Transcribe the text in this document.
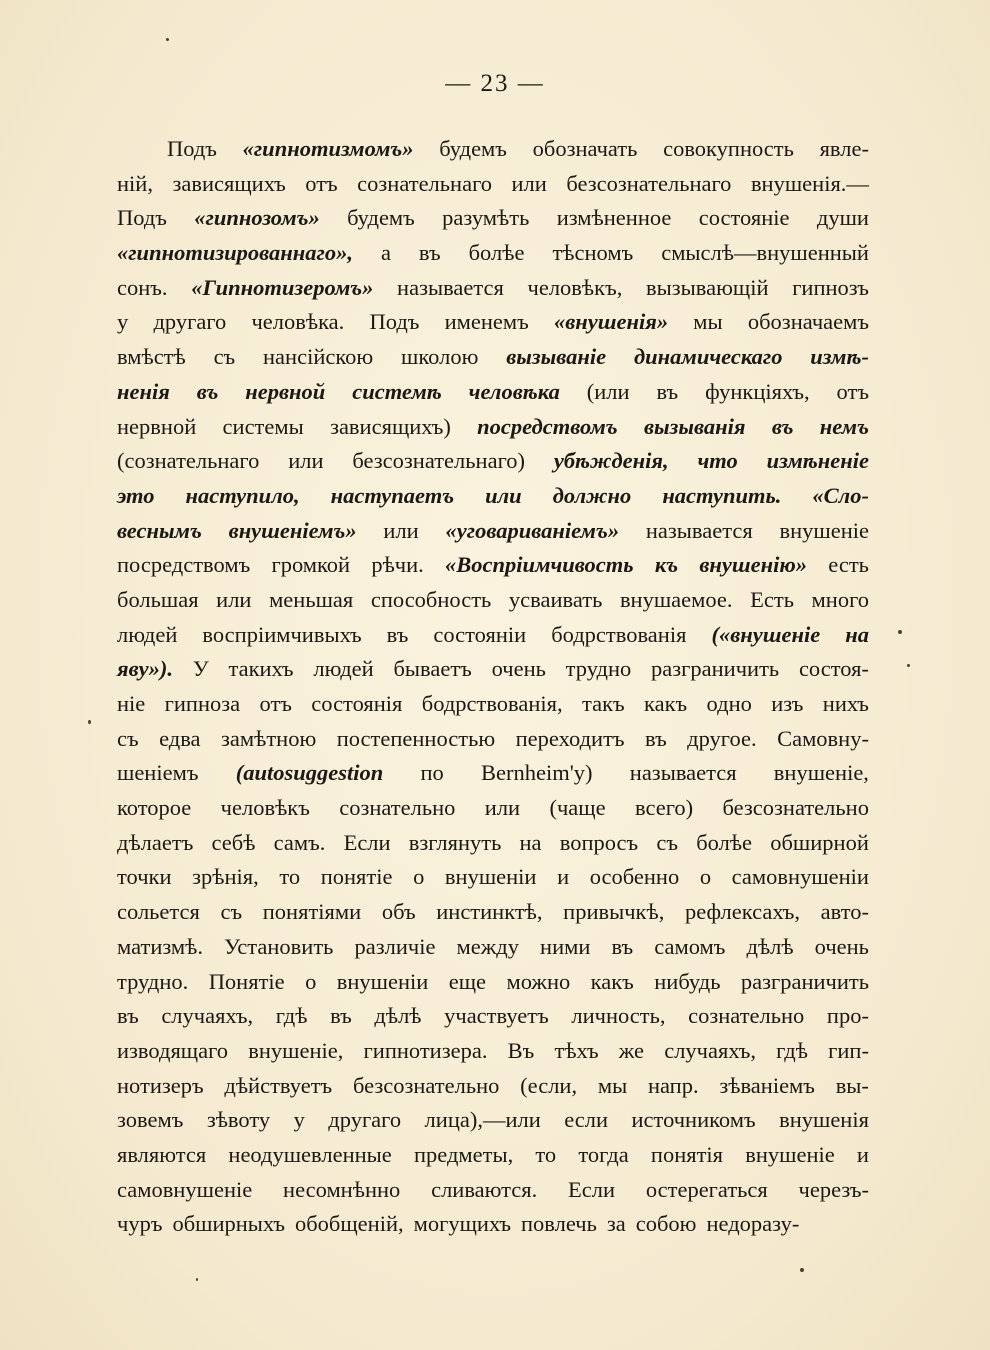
— 23 —
Подъ «гипнотизмомъ» будемъ обозначать совокупность явле-
ній, зависящихъ отъ сознательнаго или безсознательнаго внушенія.—
Подъ «гипнозомъ» будемъ разумѣть измѣненное состояніе души
«гипнотизированнаго», а въ болѣе тѣсномъ смыслѣ—внушенный
сонъ. «Гипнотизеромъ» называется человѣкъ, вызывающій гипнозъ
у другаго человѣка. Подъ именемъ «внушенія» мы обозначаемъ
вмѣстѣ съ нансійскою школою вызываніе динамическаго измѣ-
ненія въ нервной системѣ человѣка (или въ функціяхъ, отъ
нервной системы зависящихъ) посредствомъ вызыванія въ немъ
(сознательнаго или безсознательнаго) убѣжденія, что измѣненіе
это наступило, наступаетъ или должно наступить. «Сло-
веснымъ внушеніемъ» или «уговариваніемъ» называется внушеніе
посредствомъ громкой рѣчи. «Воспріимчивость къ внушенію» есть
большая или меньшая способность усваивать внушаемое. Есть много
людей воспріимчивыхъ въ состояніи бодрствованія («внушеніе на
яву»). У такихъ людей бываетъ очень трудно разграничить состоя-
ніе гипноза отъ состоянія бодрствованія, такъ какъ одно изъ нихъ
съ едва замѣтною постепенностью переходитъ въ другое. Самовну-
шеніемъ (autosuggestion по Bernheim'у) называется внушеніе,
которое человѣкъ сознательно или (чаще всего) безсознательно
дѣлаетъ себѣ самъ. Если взглянуть на вопросъ съ болѣе обширной
точки зрѣнія, то понятіе о внушеніи и особенно о самовнушеніи
сольется съ понятіями объ инстинктѣ, привычкѣ, рефлексахъ, авто-
матизмѣ. Установить различіе между ними въ самомъ дѣлѣ очень
трудно. Понятіе о внушеніи еще можно какъ нибудь разграничить
въ случаяхъ, гдѣ въ дѣлѣ участвуетъ личность, сознательно про-
изводящаго внушеніе, гипнотизера. Въ тѣхъ же случаяхъ, гдѣ гип-
нотизеръ дѣйствуетъ безсознательно (если, мы напр. зѣваніемъ вы-
зовемъ зѣвоту у другаго лица),—или если источникомъ внушенія
являются неодушевленные предметы, то тогда понятія внушеніе и
самовнушеніе несомнѣнно сливаются. Если остерегаться черезъ-
чуръ обширныхъ обобщеній, могущихъ повлечь за собою недоразу-
